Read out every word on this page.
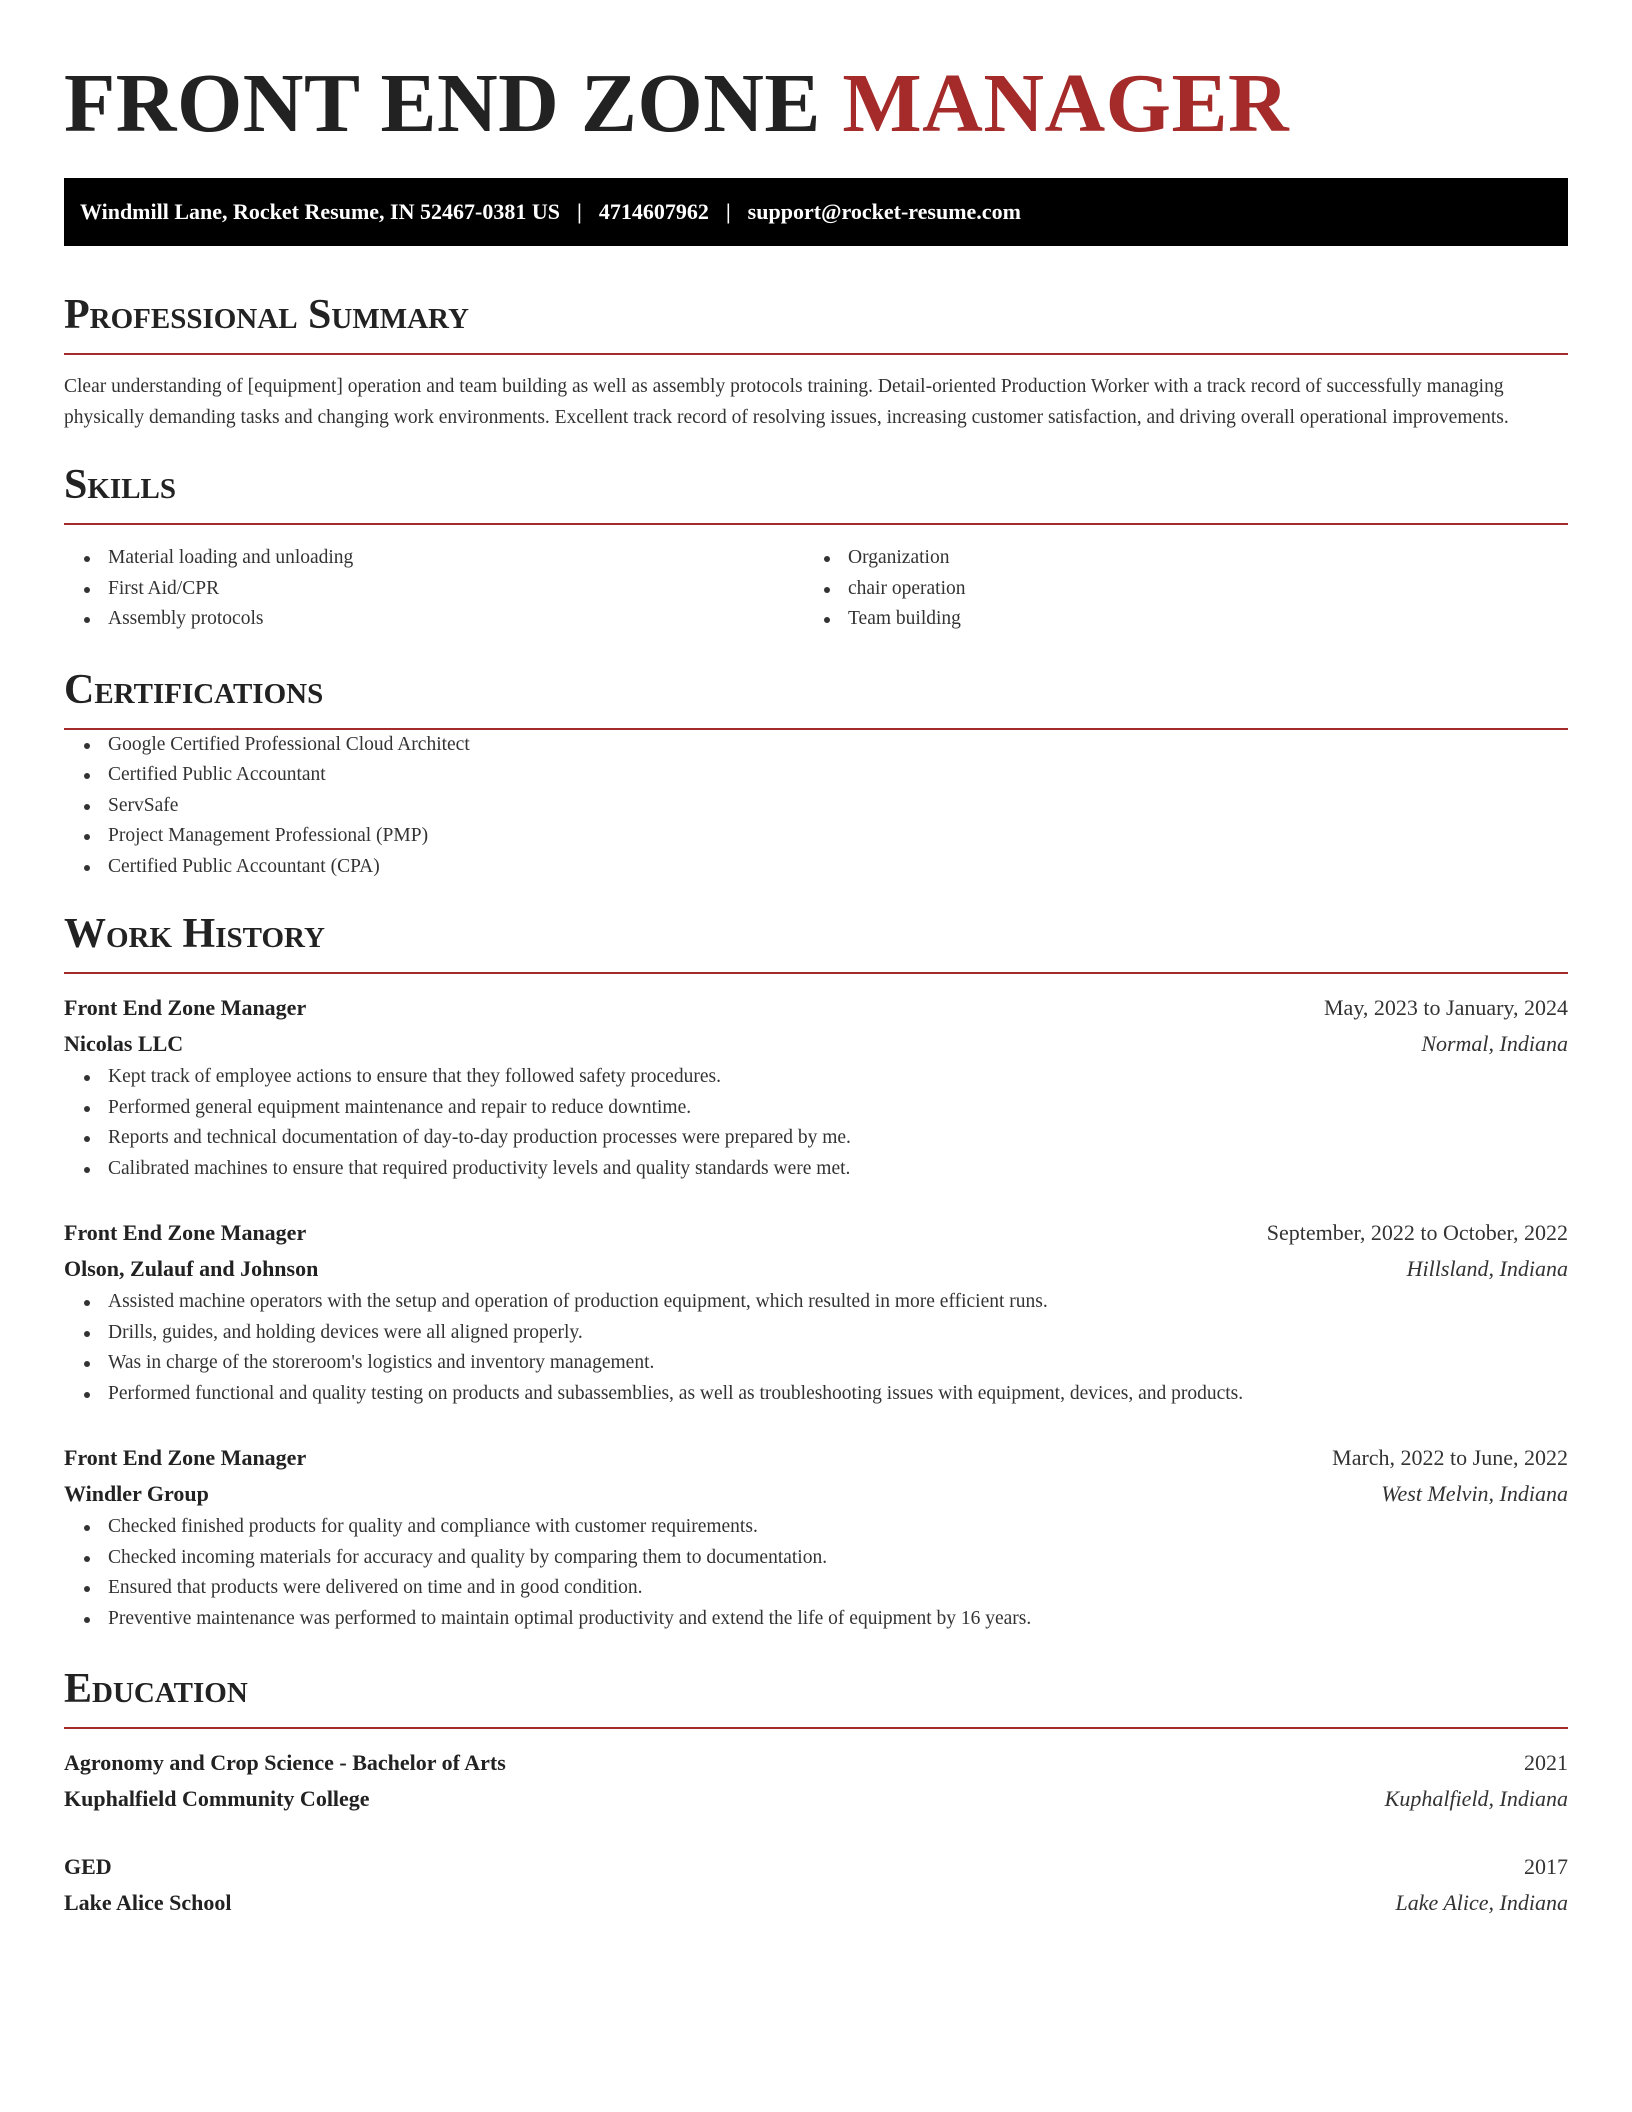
FRONT END ZONE MANAGER
Windmill Lane, Rocket Resume, IN 52467-0381 US | 4714607962 | support@rocket-resume.com
Professional Summary

Clear understanding of [equipment] operation and team building as well as assembly protocols training. Detail-oriented Production Worker with a track record of successfully managing physically demanding tasks and changing work environments. Excellent track record of resolving issues, increasing customer satisfaction, and driving overall operational improvements.

Skills
Material loading and unloading
First Aid/CPR
Assembly protocols
Organization
chair operation
Team building
Certifications
Google Certified Professional Cloud Architect
Certified Public Accountant
ServSafe
Project Management Professional (PMP)
Certified Public Accountant (CPA)
Work History
Front End Zone Manager	May, 2023 to January, 2024
Nicolas LLC	Normal, Indiana
Kept track of employee actions to ensure that they followed safety procedures.
Performed general equipment maintenance and repair to reduce downtime.
Reports and technical documentation of day-to-day production processes were prepared by me.
Calibrated machines to ensure that required productivity levels and quality standards were met.
Front End Zone Manager	September, 2022 to October, 2022
Olson, Zulauf and Johnson	Hillsland, Indiana
Assisted machine operators with the setup and operation of production equipment, which resulted in more efficient runs.
Drills, guides, and holding devices were all aligned properly.
Was in charge of the storeroom's logistics and inventory management.
Performed functional and quality testing on products and subassemblies, as well as troubleshooting issues with equipment, devices, and products.
Front End Zone Manager	March, 2022 to June, 2022
Windler Group	West Melvin, Indiana
Checked finished products for quality and compliance with customer requirements.
Checked incoming materials for accuracy and quality by comparing them to documentation.
Ensured that products were delivered on time and in good condition.
Preventive maintenance was performed to maintain optimal productivity and extend the life of equipment by 16 years.
Education
Agronomy and Crop Science - Bachelor of Arts	2021
Kuphalfield Community College	Kuphalfield, Indiana
GED	2017
Lake Alice School	Lake Alice, Indiana
